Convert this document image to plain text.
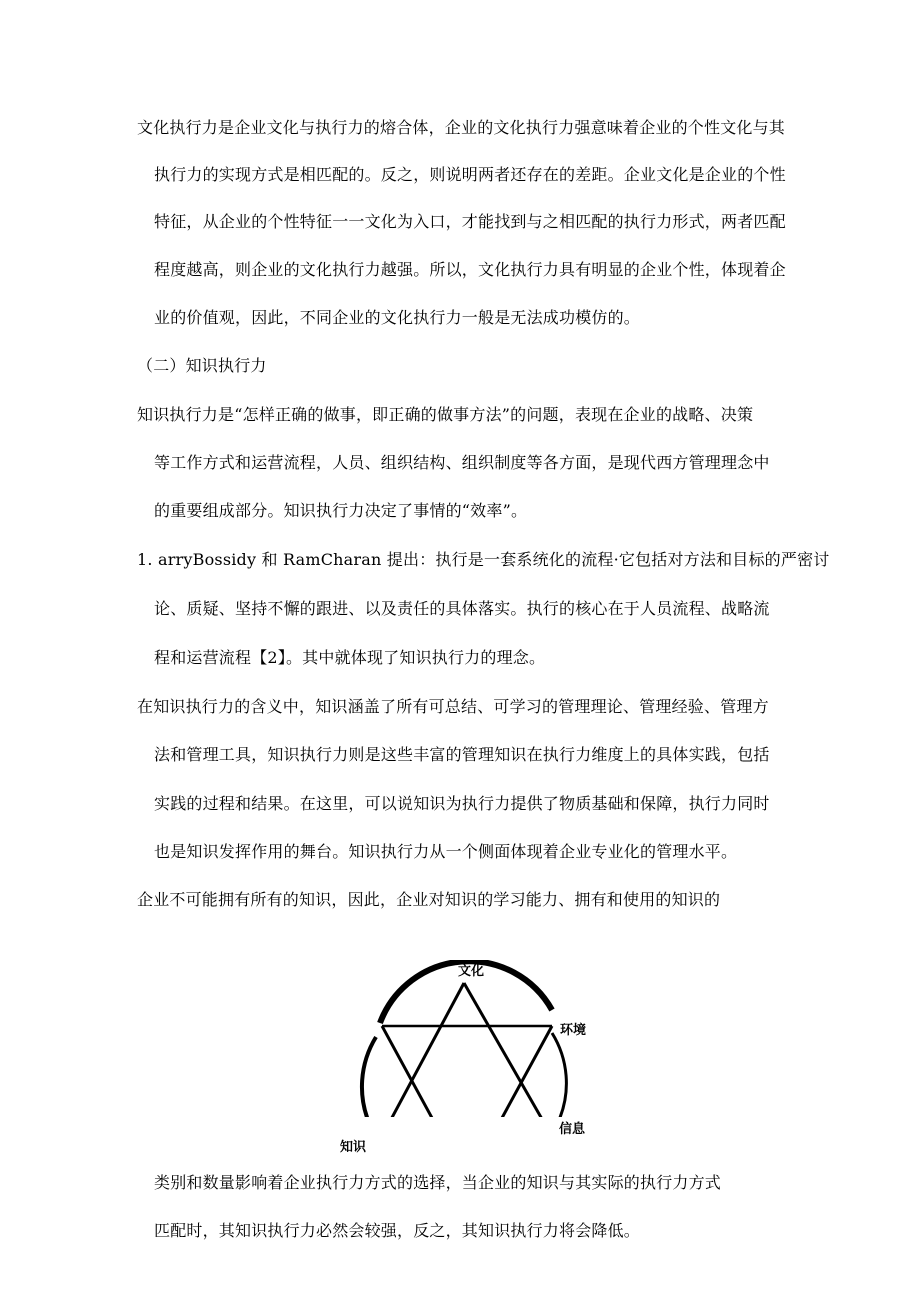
文化执行力是企业文化与执行力的熔合体，企业的文化执行力强意味着企业的个性文化与其
执行力的实现方式是相匹配的。反之，则说明两者还存在的差距。企业文化是企业的个性
特征，从企业的个性特征一一文化为入口，才能找到与之相匹配的执行力形式，两者匹配
程度越高，则企业的文化执行力越强。所以，文化执行力具有明显的企业个性，体现着企
业的价值观，因此，不同企业的文化执行力一般是无法成功模仿的。
（二）知识执行力
知识执行力是“怎样正确的做事，即正确的做事方法”的问题，表现在企业的战略、决策
等工作方式和运营流程，人员、组织结构、组织制度等各方面，是现代西方管理理念中
的重要组成部分。知识执行力决定了事情的“效率”。
1. arryBossidy 和 RamCharan 提出：执行是一套系统化的流程·它包括对方法和目标的严密讨
论、质疑、坚持不懈的跟进、以及责任的具体落实。执行的核心在于人员流程、战略流
程和运营流程【2】。其中就体现了知识执行力的理念。
在知识执行力的含义中，知识涵盖了所有可总结、可学习的管理理论、管理经验、管理方
法和管理工具，知识执行力则是这些丰富的管理知识在执行力维度上的具体实践，包括
实践的过程和结果。在这里，可以说知识为执行力提供了物质基础和保障，执行力同时
也是知识发挥作用的舞台。知识执行力从一个侧面体现着企业专业化的管理水平。
企业不可能拥有所有的知识，因此，企业对知识的学习能力、拥有和使用的知识的
文化
环境
信息
知识
类别和数量影响着企业执行力方式的选择，当企业的知识与其实际的执行力方式
匹配时，其知识执行力必然会较强，反之，其知识执行力将会降低。
